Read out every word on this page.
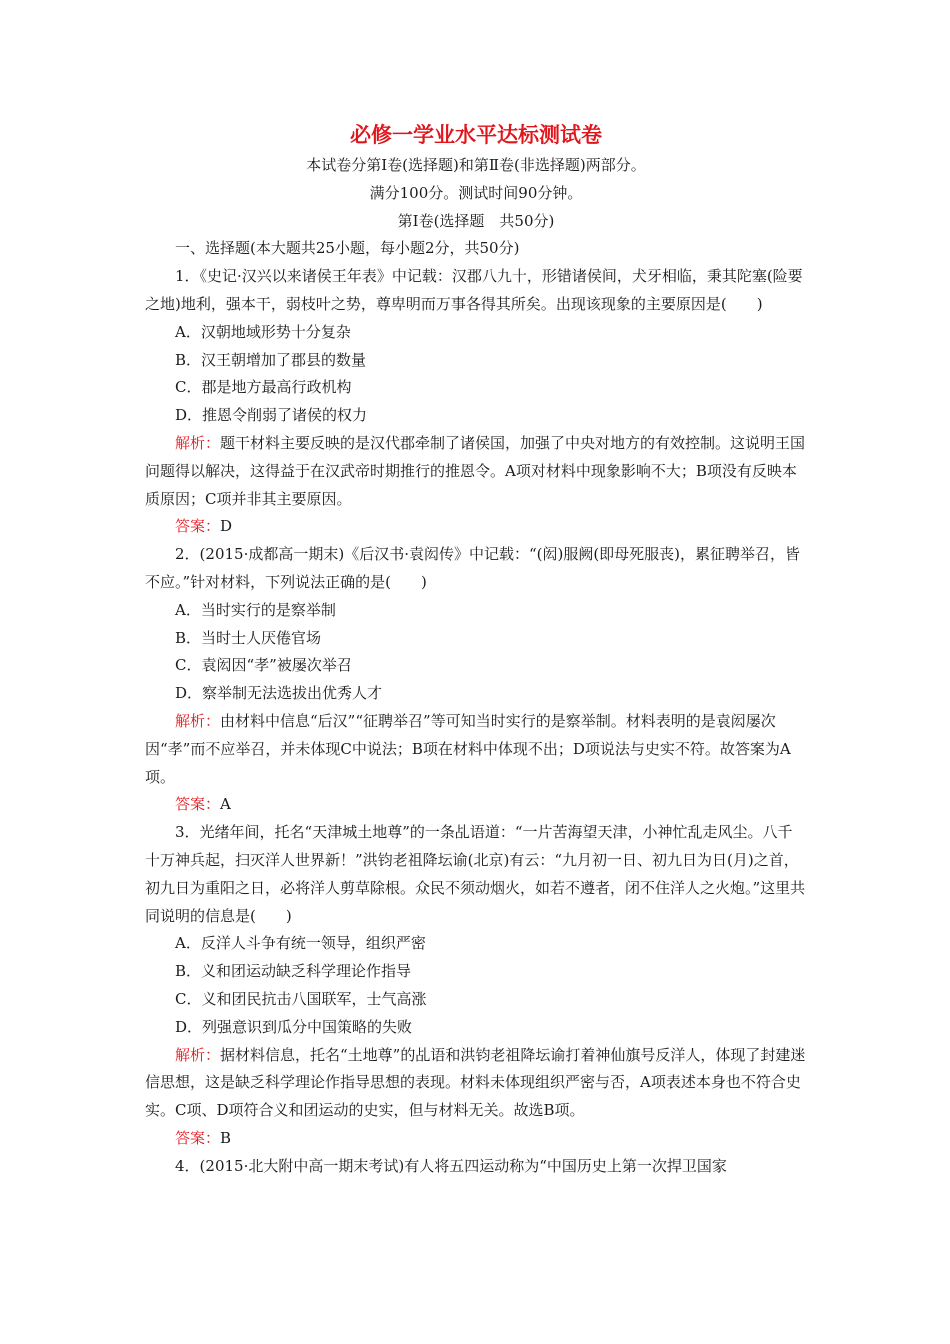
必修一学业水平达标测试卷
本试卷分第Ⅰ卷(选择题)和第Ⅱ卷(非选择题)两部分。
满分100分。测试时间90分钟。
第Ⅰ卷(选择题　共50分)
一、选择题(本大题共25小题，每小题2分，共50分)

1．《史记·汉兴以来诸侯王年表》中记载：汉郡八九十，形错诸侯间，犬牙相临，秉其陀塞(险要之地)地利，强本干，弱枝叶之势，尊卑明而万事各得其所矣。出现该现象的主要原因是(　　)

A．汉朝地域形势十分复杂

B．汉王朝增加了郡县的数量

C．郡是地方最高行政机构

D．推恩令削弱了诸侯的权力

解析：题干材料主要反映的是汉代郡牵制了诸侯国，加强了中央对地方的有效控制。这说明王国问题得以解决，这得益于在汉武帝时期推行的推恩令。A项对材料中现象影响不大；B项没有反映本质原因；C项并非其主要原因。

答案：D

2．(2015·成都高一期末)《后汉书·袁闳传》中记载：“(闳)服阙(即母死服丧)，累征聘举召，皆不应。”针对材料，下列说法正确的是(　　)

A．当时实行的是察举制

B．当时士人厌倦官场

C．袁闳因“孝”被屡次举召

D．察举制无法选拔出优秀人才

解析：由材料中信息“后汉”“征聘举召”等可知当时实行的是察举制。材料表明的是袁闳屡次因“孝”而不应举召，并未体现C中说法；B项在材料中体现不出；D项说法与史实不符。故答案为A项。

答案：A

3．光绪年间，托名“天津城土地尊”的一条乩语道：“一片苦海望天津，小神忙乱走风尘。八千十万神兵起，扫灭洋人世界新！”洪钧老祖降坛谕(北京)有云：“九月初一日、初九日为日(月)之首，初九日为重阳之日，必将洋人剪草除根。众民不须动烟火，如若不遵者，闭不住洋人之火炮。”这里共同说明的信息是(　　)

A．反洋人斗争有统一领导，组织严密

B．义和团运动缺乏科学理论作指导

C．义和团民抗击八国联军，士气高涨

D．列强意识到瓜分中国策略的失败

解析：据材料信息，托名“土地尊”的乩语和洪钧老祖降坛谕打着神仙旗号反洋人，体现了封建迷信思想，这是缺乏科学理论作指导思想的表现。材料未体现组织严密与否，A项表述本身也不符合史实。C项、D项符合义和团运动的史实，但与材料无关。故选B项。

答案：B

4．(2015·北大附中高一期末考试)有人将五四运动称为“中国历史上第一次捍卫国家
